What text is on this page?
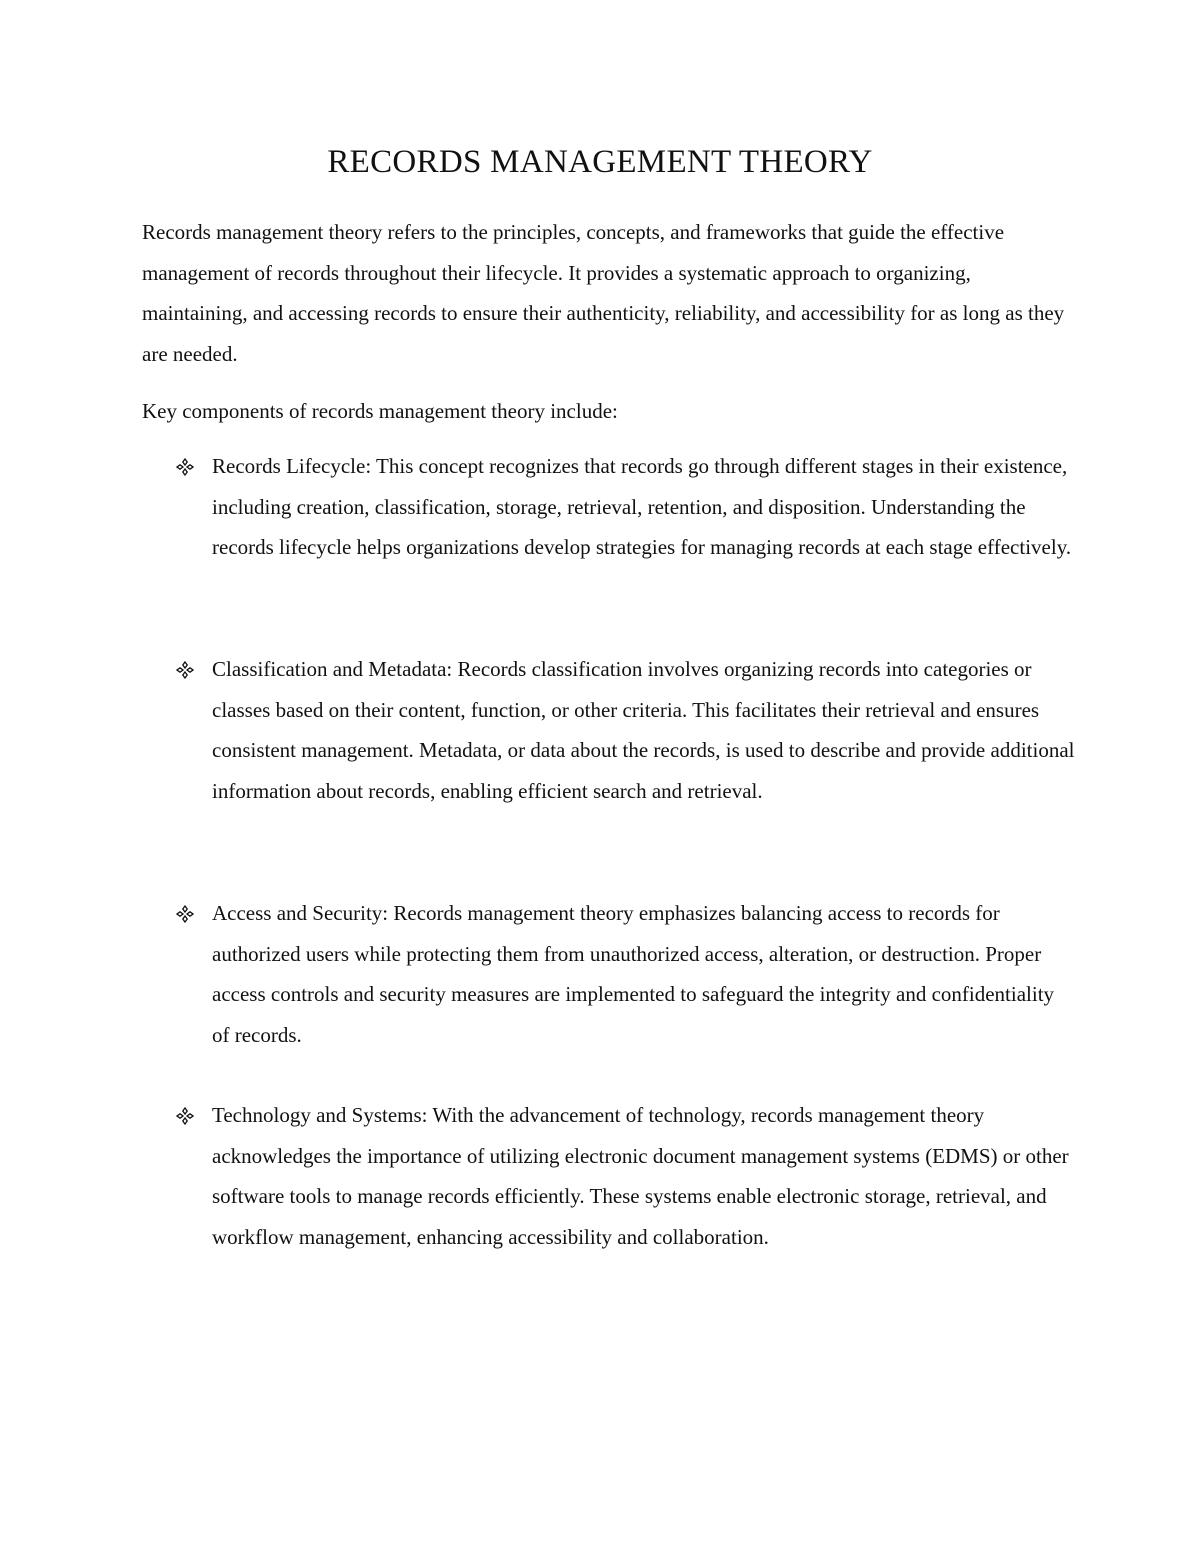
RECORDS MANAGEMENT THEORY

Records management theory refers to the principles, concepts, and frameworks that guide the effective management of records throughout their lifecycle. It provides a systematic approach to organizing, maintaining, and accessing records to ensure their authenticity, reliability, and accessibility for as long as they are needed.

Key components of records management theory include:

Records Lifecycle: This concept recognizes that records go through different stages in their existence, including creation, classification, storage, retrieval, retention, and disposition. Understanding the records lifecycle helps organizations develop strategies for managing records at each stage effectively.

Classification and Metadata: Records classification involves organizing records into categories or classes based on their content, function, or other criteria. This facilitates their retrieval and ensures consistent management. Metadata, or data about the records, is used to describe and provide additional information about records, enabling efficient search and retrieval.

Access and Security: Records management theory emphasizes balancing access to records for authorized users while protecting them from unauthorized access, alteration, or destruction. Proper access controls and security measures are implemented to safeguard the integrity and confidentiality of records.

Technology and Systems: With the advancement of technology, records management theory acknowledges the importance of utilizing electronic document management systems (EDMS) or other software tools to manage records efficiently. These systems enable electronic storage, retrieval, and workflow management, enhancing accessibility and collaboration.
